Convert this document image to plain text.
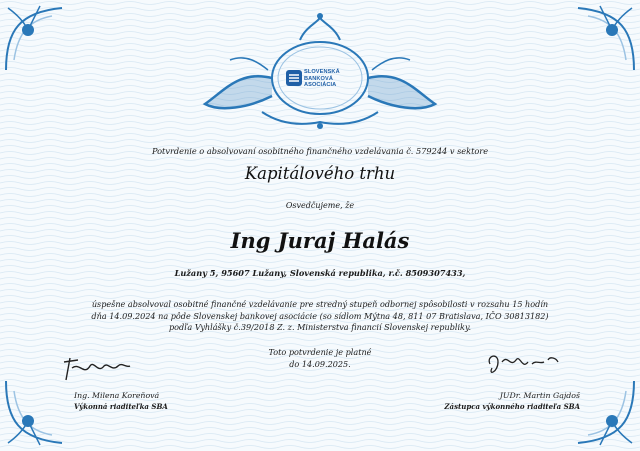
SLOVENSKÁ
BANKOVÁ
ASOCIÁCIA
Potvrdenie o absolvovaní osobitného finančného vzdelávania č. 579244 v sektore
Kapitálového trhu
Osvedčujeme, že
Ing Juraj Halás
Lužany 5, 95607 Lužany, Slovenská republika, r.č. 8509307433,
úspešne absolvoval osobitné finančné vzdelávanie pre stredný stupeň odbornej spôsobilosti v rozsahu 15 hodín
dňa 14.09.2024 na pôde Slovenskej bankovej asociácie (so sídlom Mýtna 48, 811 07 Bratislava, IČO 30813182)
podľa Vyhlášky č.39/2018 Z. z. Ministerstva financií Slovenskej republiky.
Toto potvrdenie je platné
do 14.09.2025.
Ing. Milena Koreňová
Výkonná riaditeľka SBA
JUDr. Martin Gajdoš
Zástupca výkonného riaditeľa SBA
